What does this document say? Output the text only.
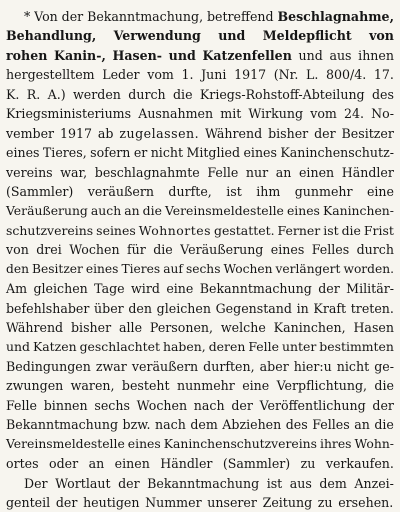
* Von der Bekanntmachung, betreffend Beschlagnahme,
Behandlung, Verwendung und Meldepflicht von
rohen Kanin-, Hasen- und Katzenfellen und aus ihnen
hergestelltem Leder vom 1. Juni 1917 (Nr. L. 800/4. 17.
K. R. A.) werden durch die Kriegs-Rohstoff-Abteilung des
Kriegsministeriums Ausnahmen mit Wirkung vom 24. No-
vember 1917 ab zugelassen. Während bisher der Besitzer
eines Tieres, sofern er nicht Mitglied eines Kaninchenschutz-
vereins war, beschlagnahmte Felle nur an einen Händler
(Sammler) veräußern durfte, ist ihm gunmehr eine
Veräußerung auch an die Vereinsmeldestelle eines Kaninchen-
schutzvereins seines Wohnortes gestattet. Ferner ist die Frist
von drei Wochen für die Veräußerung eines Felles durch
den Besitzer eines Tieres auf sechs Wochen verlängert worden.
Am gleichen Tage wird eine Bekanntmachung der Militär-
befehlshaber über den gleichen Gegenstand in Kraft treten.
Während bisher alle Personen, welche Kaninchen, Hasen
und Katzen geschlachtet haben, deren Felle unter bestimmten
Bedingungen zwar veräußern durften, aber hier:u nicht ge-
zwungen waren, besteht nunmehr eine Verpflichtung, die
Felle binnen sechs Wochen nach der Veröffentlichung der
Bekanntmachung bzw. nach dem Abziehen des Felles an die
Vereinsmeldestelle eines Kaninchenschutzvereins ihres Wohn-
ortes oder an einen Händler (Sammler) zu verkaufen.
Der Wortlaut der Bekanntmachung ist aus dem Anzei-
genteil der heutigen Nummer unserer Zeitung zu ersehen.
